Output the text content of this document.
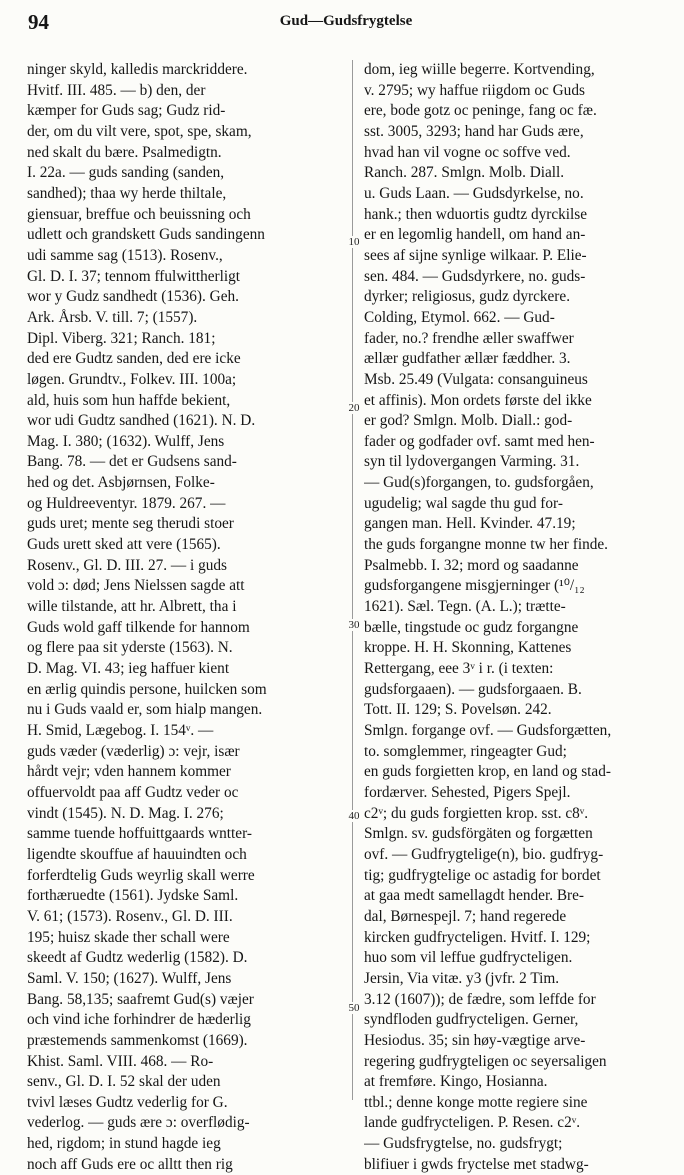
94	Gud—Gudsfrygtelse
ninger skyld, kalledis marckriddere.
Hvitf. III. 485. — b) den, der
kæmper for Guds sag; Gudz rid-
der, om du vilt vere, spot, spe, skam,
ned skalt du bære. Psalmedigtn.
I. 22a. — guds sanding (sanden,
sandhed); thaa wy herde thiltale,
giensuar, breffue och beuissning och
udlett och grandskett Guds sandingenn
udi samme sag (1513). Rosenv.,
Gl. D. I. 37; tennom ffulwittherligt
wor y Gudz sandhedt (1536). Geh.
Ark. Årsb. V. till. 7; (1557).
Dipl. Viberg. 321; Ranch. 181;
ded ere Gudtz sanden, ded ere icke
løgen. Grundtv., Folkev. III. 100a;
ald, huis som hun haffde bekient,
wor udi Gudtz sandhed (1621). N. D.
Mag. I. 380; (1632). Wulff, Jens
Bang. 78. — det er Gudsens sand-
hed og det. Asbjørnsen, Folke-
og Huldreeventyr. 1879. 267. —
guds uret; mente seg therudi stoer
Guds urett sked att vere (1565).
Rosenv., Gl. D. III. 27. — i guds
vold ɔ: død; Jens Nielssen sagde att
wille tilstande, att hr. Albrett, tha i
Guds wold gaff tilkende for hannom
og flere paa sit yderste (1563). N.
D. Mag. VI. 43; ieg haffuer kient
en ærlig quindis persone, huilcken som
nu i Guds vaald er, som hialp mangen.
H. Smid, Lægebog. I. 154ᵛ. —
guds væder (væderlig) ɔ: vejr, især
hårdt vejr; vden hannem kommer
offuervoldt paa aff Gudtz veder oc
vindt (1545). N. D. Mag. I. 276;
samme tuende hoffuittgaards wntter-
ligendte skouffue af hauuindten och
forferdtelig Guds weyrlig skall werre
forthæruedte (1561). Jydske Saml.
V. 61; (1573). Rosenv., Gl. D. III.
195; huisz skade ther schall were
skeedt af Gudtz wederlig (1582). D.
Saml. V. 150; (1627). Wulff, Jens
Bang. 58,135; saafremt Gud(s) væjer
och vind iche forhindrer de hæderlig
præstemends sammenkomst (1669).
Khist. Saml. VIII. 468. — Ro-
senv., Gl. D. I. 52 skal der uden
tvivl læses Gudtz vederlig for G.
vederlog. — guds ære ɔ: overflødig-
hed, rigdom; in stund hagde ieg
noch aff Guds ere oc alltt then rig
10
20
30
40
50
dom, ieg wiille begerre. Kortvending,
v. 2795; wy haffue riigdom oc Guds
ere, bode gotz oc peninge, fang oc fæ.
sst. 3005, 3293; hand har Guds ære,
hvad han vil vogne oc soffve ved.
Ranch. 287. Smlgn. Molb. Diall.
u. Guds Laan. — Gudsdyrkelse, no.
hank.; then wduortis gudtz dyrckilse
er en legomlig handell, om hand an-
sees af sijne synlige wilkaar. P. Elie-
sen. 484. — Gudsdyrkere, no. guds-
dyrker; religiosus, gudz dyrckere.
Colding, Etymol. 662. — Gud-
fader, no.? frendhe æller swaffwer
ællær gudfather ællær fæddher. 3.
Msb. 25.49 (Vulgata: consanguineus
et affinis). Mon ordets første del ikke
er god? Smlgn. Molb. Diall.: god-
fader og godfader ovf. samt med hen-
syn til lydovergangen Varming. 31.
— Gud(s)forgangen, to. gudsforgåen,
ugudelig; wal sagde thu gud for-
gangen man. Hell. Kvinder. 47.19;
the guds forgangne monne tw her finde.
Psalmebb. I. 32; mord og saadanne
gudsforgangene misgjerninger (¹⁰/₁₂
1621). Sæl. Tegn. (A. L.); trætte-
bælle, tingstude oc gudz forgangne
kroppe. H. H. Skonning, Kattenes
Rettergang, eee 3ᵛ i r. (i texten:
gudsforgaaen). — gudsforgaaen. B.
Tott. II. 129; S. Povelsøn. 242.
Smlgn. forgange ovf. — Gudsforgætten,
to. somglemmer, ringeagter Gud;
en guds forgietten krop, en land og stad-
fordærver. Sehested, Pigers Spejl.
c2ᵛ; du guds forgietten krop. sst. c8ᵛ.
Smlgn. sv. gudsförgäten og forgætten
ovf. — Gudfrygtelige(n), bio. gudfryg-
tig; gudfrygtelige oc astadig for bordet
at gaa medt samellagdt hender. Bre-
dal, Børnespejl. 7; hand regerede
kircken gudfrycteligen. Hvitf. I. 129;
huo som vil leffue gudfrycteligen.
Jersin, Via vitæ. y3 (jvfr. 2 Tim.
3.12 (1607)); de fædre, som leffde for
syndfloden gudfrycteligen. Gerner,
Hesiodus. 35; sin høy-vægtige arve-
regering gudfrygteligen oc seyersaligen
at fremføre. Kingo, Hosianna.
ttbl.; denne konge motte regiere sine
lande gudfrycteligen. P. Resen. c2ᵛ.
— Gudsfrygtelse, no. gudsfrygt;
blifiuer i gwds fryctelse met stadwg-
